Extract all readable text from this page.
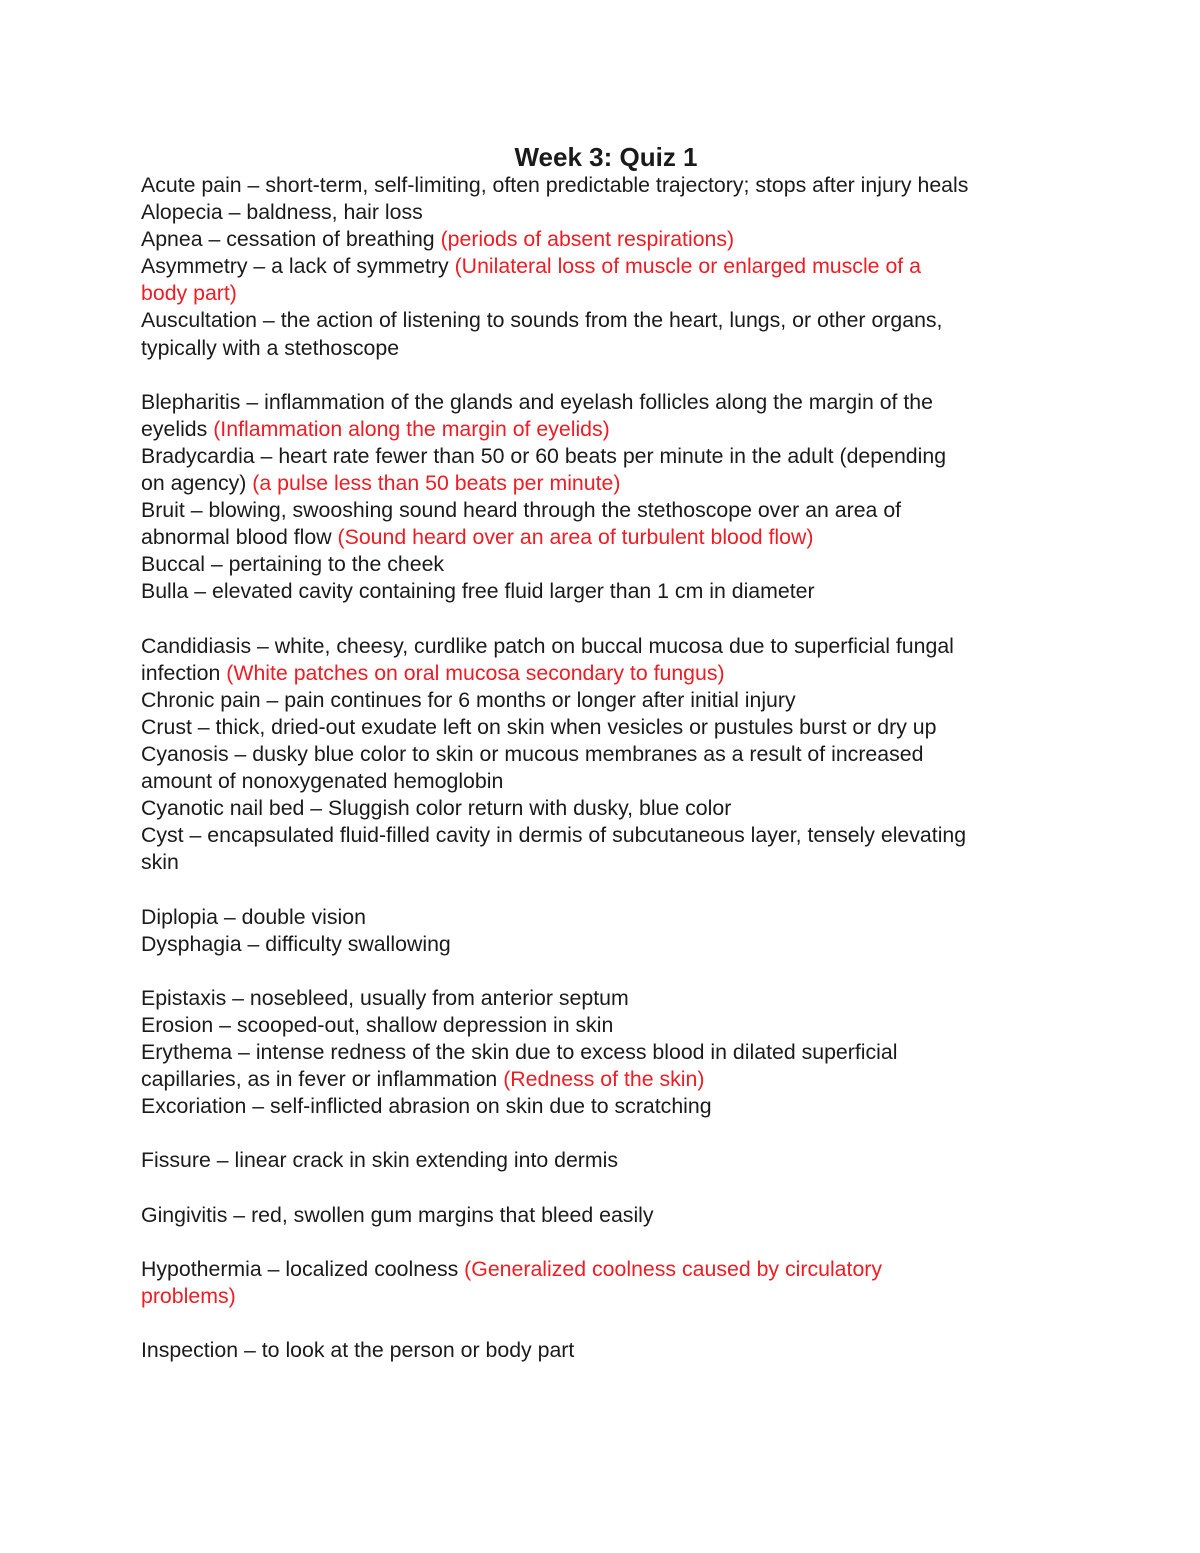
Week 3: Quiz 1
Acute pain – short-term, self-limiting, often predictable trajectory; stops after injury heals
Alopecia – baldness, hair loss
Apnea – cessation of breathing (periods of absent respirations)
Asymmetry – a lack of symmetry (Unilateral loss of muscle or enlarged muscle of a
body part)
Auscultation – the action of listening to sounds from the heart, lungs, or other organs,
typically with a stethoscope
Blepharitis – inflammation of the glands and eyelash follicles along the margin of the
eyelids (Inflammation along the margin of eyelids)
Bradycardia – heart rate fewer than 50 or 60 beats per minute in the adult (depending
on agency) (a pulse less than 50 beats per minute)
Bruit – blowing, swooshing sound heard through the stethoscope over an area of
abnormal blood flow (Sound heard over an area of turbulent blood flow)
Buccal – pertaining to the cheek
Bulla – elevated cavity containing free fluid larger than 1 cm in diameter
Candidiasis – white, cheesy, curdlike patch on buccal mucosa due to superficial fungal
infection (White patches on oral mucosa secondary to fungus)
Chronic pain – pain continues for 6 months or longer after initial injury
Crust – thick, dried-out exudate left on skin when vesicles or pustules burst or dry up
Cyanosis – dusky blue color to skin or mucous membranes as a result of increased
amount of nonoxygenated hemoglobin
Cyanotic nail bed – Sluggish color return with dusky, blue color
Cyst – encapsulated fluid-filled cavity in dermis of subcutaneous layer, tensely elevating
skin
Diplopia – double vision
Dysphagia – difficulty swallowing
Epistaxis – nosebleed, usually from anterior septum
Erosion – scooped-out, shallow depression in skin
Erythema – intense redness of the skin due to excess blood in dilated superficial
capillaries, as in fever or inflammation (Redness of the skin)
Excoriation – self-inflicted abrasion on skin due to scratching
Fissure – linear crack in skin extending into dermis
Gingivitis – red, swollen gum margins that bleed easily
Hypothermia – localized coolness (Generalized coolness caused by circulatory
problems)
Inspection – to look at the person or body part
